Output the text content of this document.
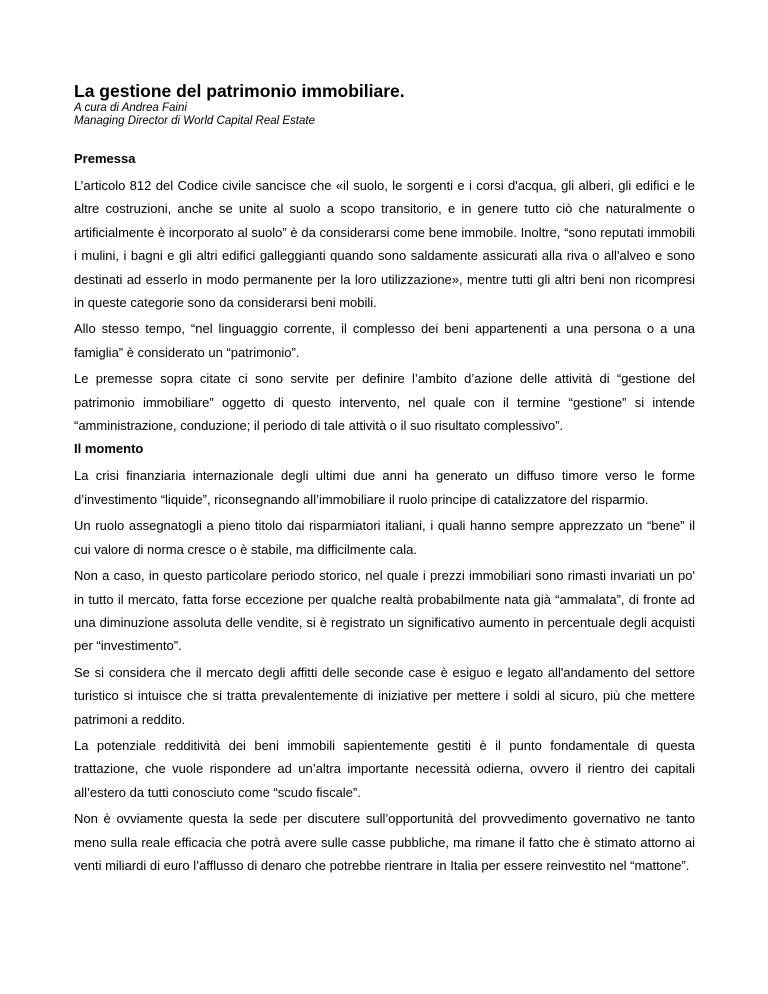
La gestione del patrimonio immobiliare.

A cura di Andrea Faini

Managing Director di World Capital Real Estate

Premessa

L’articolo 812 del Codice civile sancisce che «il suolo, le sorgenti e i corsi d'acqua, gli alberi, gli edifici e le altre costruzioni, anche se unite al suolo a scopo transitorio, e in genere tutto ciò che naturalmente o artificialmente è incorporato al suolo” è da considerarsi come bene immobile. Inoltre, “sono reputati immobili i mulini, i bagni e gli altri edifici galleggianti quando sono saldamente assicurati alla riva o all'alveo e sono destinati ad esserlo in modo permanente per la loro utilizzazione», mentre tutti gli altri beni non ricompresi in queste categorie sono da considerarsi beni mobili.

Allo stesso tempo, “nel linguaggio corrente, il complesso dei beni appartenenti a una persona o a una famiglia” è considerato un “patrimonio”.

Le premesse sopra citate ci sono servite per definire l’ambito d’azione delle attività di “gestione del patrimonio immobiliare” oggetto di questo intervento, nel quale con il termine “gestione” si intende “amministrazione, conduzione; il periodo di tale attività o il suo risultato complessivo”.

Il momento

La crisi finanziaria internazionale degli ultimi due anni ha generato un diffuso timore verso le forme d’investimento “liquide”, riconsegnando all’immobiliare il ruolo principe di catalizzatore del risparmio.

Un ruolo assegnatogli a pieno titolo dai risparmiatori italiani, i quali hanno sempre apprezzato un “bene” il cui valore di norma cresce o è stabile, ma difficilmente cala.

Non a caso, in questo particolare periodo storico, nel quale i prezzi immobiliari sono rimasti invariati un po' in tutto il mercato, fatta forse eccezione per qualche realtà probabilmente nata già “ammalata”, di fronte ad una diminuzione assoluta delle vendite, si è registrato un significativo aumento in percentuale degli acquisti per “investimento”.

Se si considera che il mercato degli affitti delle seconde case è esiguo e legato all'andamento del settore turistico si intuisce che si tratta prevalentemente di iniziative per mettere i soldi al sicuro, più che mettere patrimoni a reddito.

La potenziale redditività dei beni immobili sapientemente gestiti è il punto fondamentale di questa trattazione, che vuole rispondere ad un’altra importante necessità odierna, ovvero il rientro dei capitali all’estero da tutti conosciuto come “scudo fiscale”.

Non è ovviamente questa la sede per discutere sull’opportunità del provvedimento governativo ne tanto meno sulla reale efficacia che potrà avere sulle casse pubbliche, ma rimane il fatto che è stimato attorno ai venti miliardi di euro l’afflusso di denaro che potrebbe rientrare in Italia per essere reinvestito nel “mattone”.
